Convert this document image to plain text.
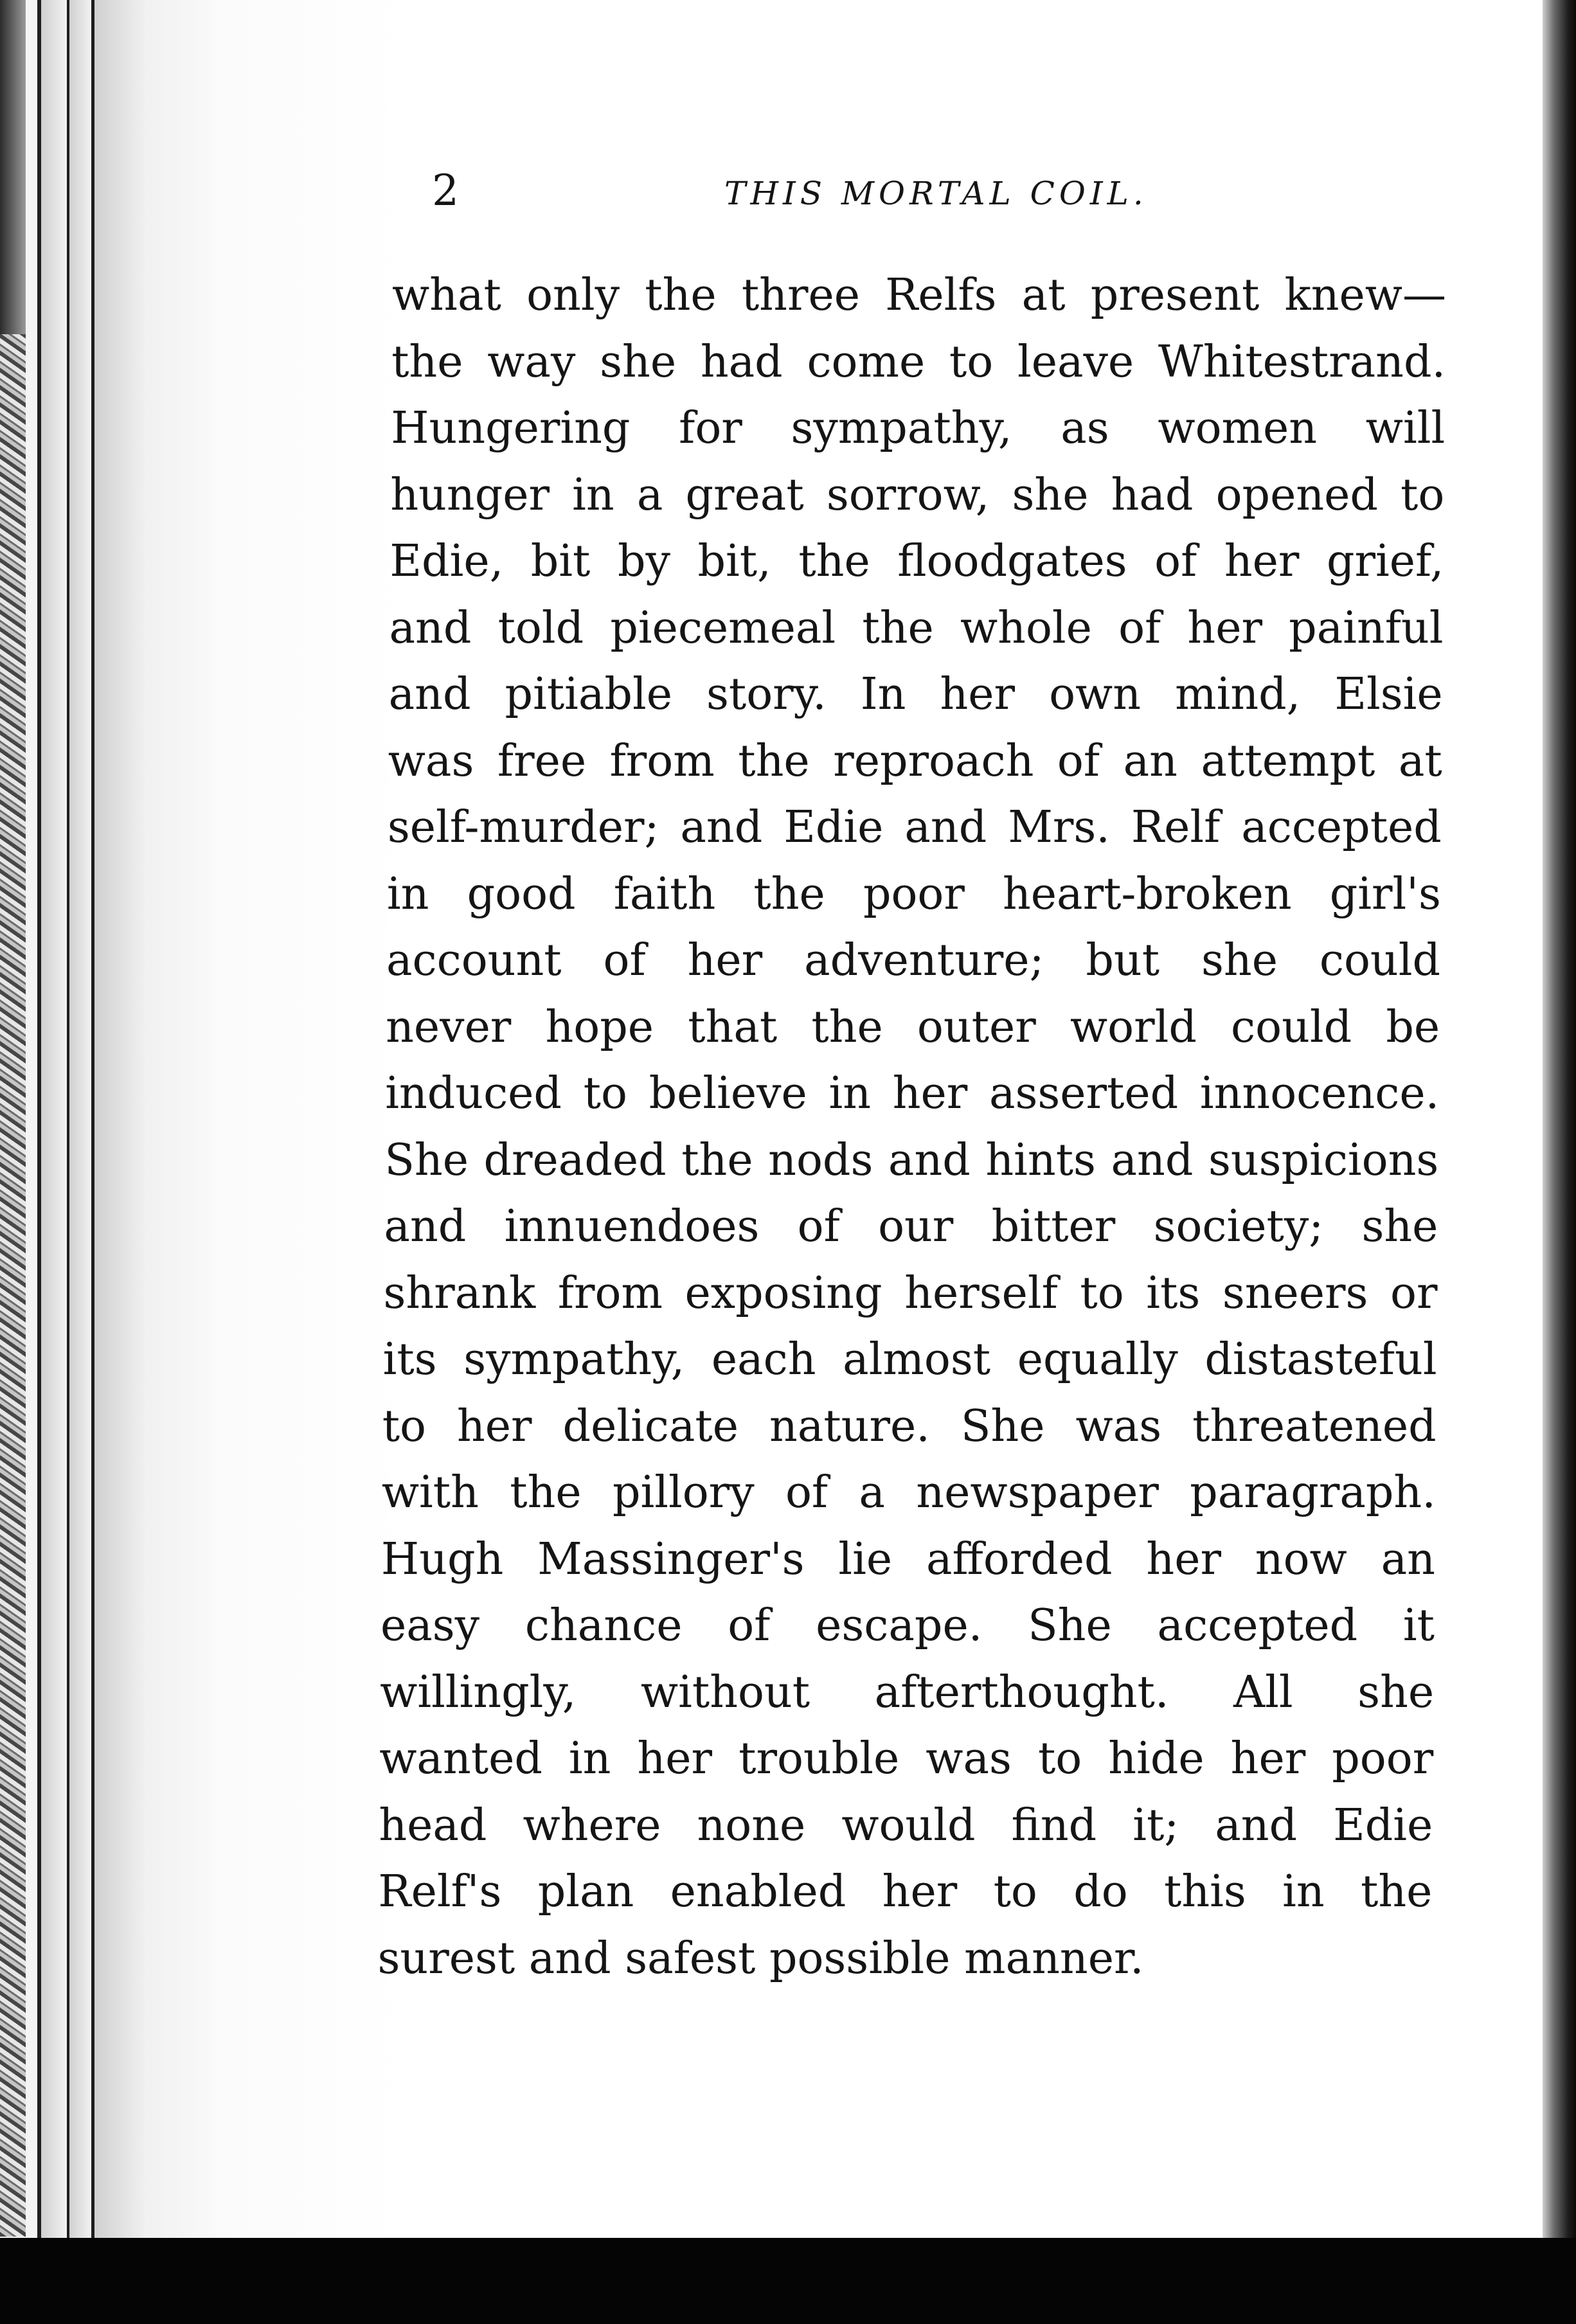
2	THIS MORTAL COIL.
what only the three Relfs at present knew—
the way she had come to leave Whitestrand.
Hungering for sympathy, as women will
hunger in a great sorrow, she had opened to
Edie, bit by bit, the floodgates of her grief,
and told piecemeal the whole of her painful
and pitiable story. In her own mind, Elsie
was free from the reproach of an attempt at
self-murder; and Edie and Mrs. Relf accepted
in good faith the poor heart-broken girl's
account of her adventure; but she could
never hope that the outer world could be
induced to believe in her asserted innocence.
She dreaded the nods and hints and suspicions
and innuendoes of our bitter society; she
shrank from exposing herself to its sneers or
its sympathy, each almost equally distasteful
to her delicate nature. She was threatened
with the pillory of a newspaper paragraph.
Hugh Massinger's lie afforded her now an
easy chance of escape. She accepted it
willingly, without afterthought. All she
wanted in her trouble was to hide her poor
head where none would find it; and Edie
Relf's plan enabled her to do this in the
surest and safest possible manner.
